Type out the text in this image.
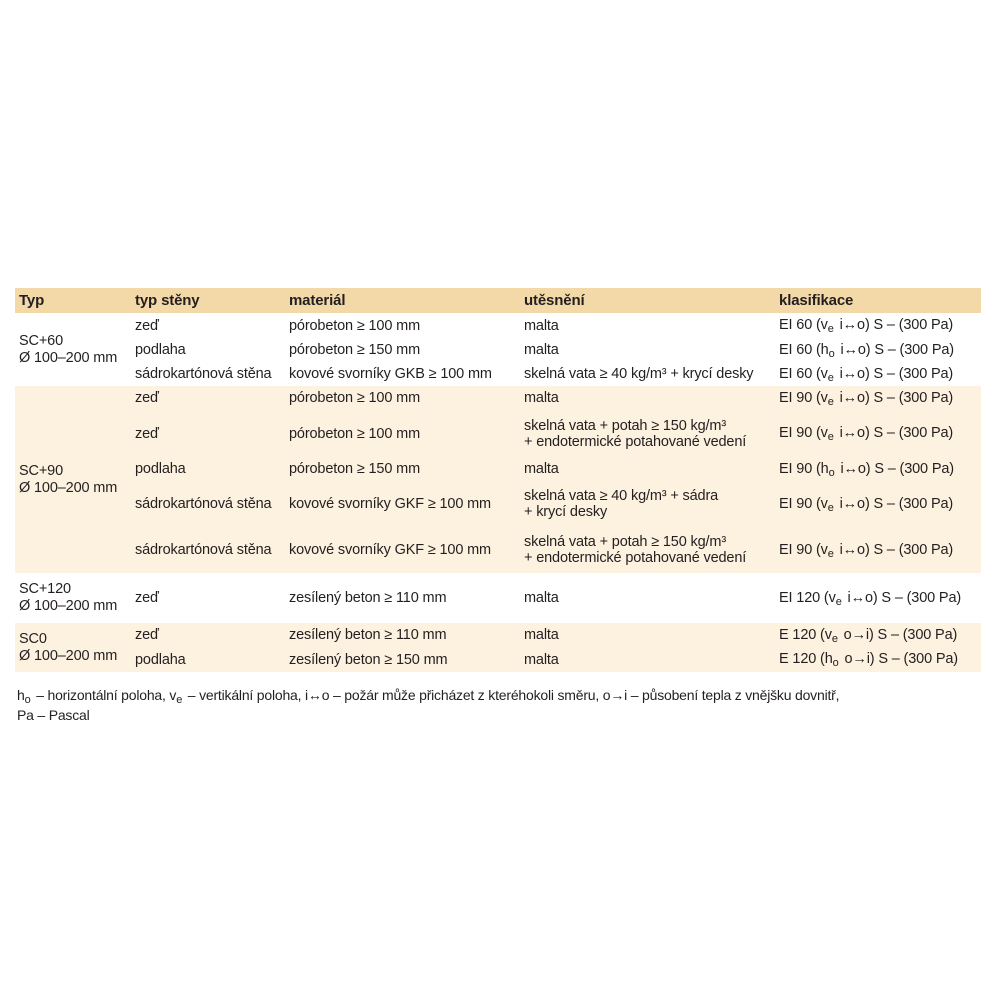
Typ	typ stěny	materiál	utěsnění	klasifikace

SC+60
Ø 100–200 mm	zeď	pórobeton ≥ 100 mm	malta	EI 60 ($v_e$ i↔o) S – (300 Pa)
	podlaha	pórobeton ≥ 150 mm	malta	EI 60 ($h_o$ i↔o) S – (300 Pa)
	sádrokartónová stěna	kovové svorníky GKB ≥ 100 mm	skelná vata ≥ 40 kg/m³ + krycí desky	EI 60 ($v_e$ i↔o) S – (300 Pa)

SC+90
Ø 100–200 mm	zeď	pórobeton ≥ 100 mm	malta	EI 90 ($v_e$ i↔o) S – (300 Pa)
	zeď	pórobeton ≥ 100 mm	skelná vata + potah ≥ 150 kg/m³
+ endotermické potahované vedení	EI 90 ($v_e$ i↔o) S – (300 Pa)
	podlaha	pórobeton ≥ 150 mm	malta	EI 90 ($h_o$ i↔o) S – (300 Pa)
	sádrokartónová stěna	kovové svorníky GKF ≥ 100 mm	skelná vata ≥ 40 kg/m³ + sádra
+ krycí desky	EI 90 ($v_e$ i↔o) S – (300 Pa)
	sádrokartónová stěna	kovové svorníky GKF ≥ 100 mm	skelná vata + potah ≥ 150 kg/m³
+ endotermické potahované vedení	EI 90 ($v_e$ i↔o) S – (300 Pa)

SC+120
Ø 100–200 mm	zeď	zesílený beton ≥ 110 mm	malta	EI 120 ($v_e$ i↔o) S – (300 Pa)

SC0
Ø 100–200 mm	zeď	zesílený beton ≥ 110 mm	malta	E 120 ($v_e$ o→i) S – (300 Pa)
	podlaha	zesílený beton ≥ 150 mm	malta	E 120 ($h_o$ o→i) S – (300 Pa)
$h_o$ – horizontální poloha, $v_e$ – vertikální poloha, i↔o – požár může přicházet z kteréhokoli směru, o→i – působení tepla z vnějšku dovnitř,
Pa – Pascal
